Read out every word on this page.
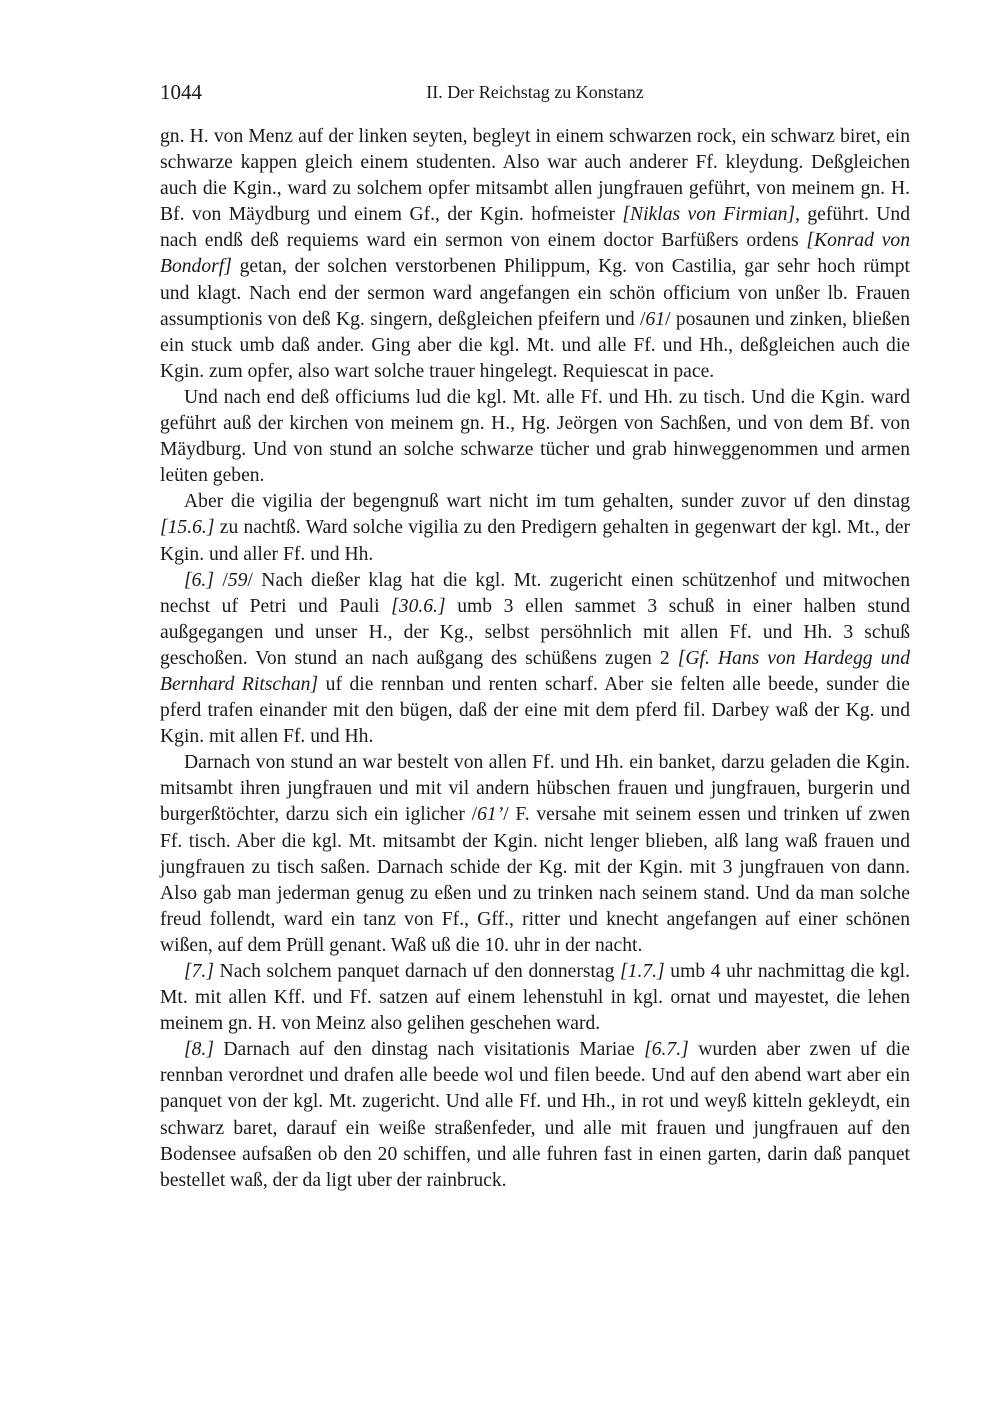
1044	II. Der Reichstag zu Konstanz

gn. H. von Menz auf der linken seyten, begleyt in einem schwarzen rock, ein schwarz biret, ein schwarze kappen gleich einem studenten. Also war auch anderer Ff. kleydung. Deßgleichen auch die Kgin., ward zu solchem opfer mitsambt allen jungfrauen geführt, von meinem gn. H. Bf. von Mäydburg und einem Gf., der Kgin. hofmeister [Niklas von Firmian], geführt. Und nach endß deß requiems ward ein sermon von einem doctor Barfüßers ordens [Konrad von Bondorf] getan, der solchen verstorbenen Philippum, Kg. von Castilia, gar sehr hoch rümpt und klagt. Nach end der sermon ward angefangen ein schön officium von unßer lb. Frauen assumptionis von deß Kg. singern, deßgleichen pfeifern und /61/ posaunen und zinken, bließen ein stuck umb daß ander. Ging aber die kgl. Mt. und alle Ff. und Hh., deßgleichen auch die Kgin. zum opfer, also wart solche trauer hingelegt. Requiescat in pace.

Und nach end deß officiums lud die kgl. Mt. alle Ff. und Hh. zu tisch. Und die Kgin. ward geführt auß der kirchen von meinem gn. H., Hg. Jeörgen von Sachßen, und von dem Bf. von Mäydburg. Und von stund an solche schwarze tücher und grab hinweggenommen und armen leüten geben.

Aber die vigilia der begengnuß wart nicht im tum gehalten, sunder zuvor uf den dinstag [15.6.] zu nachtß. Ward solche vigilia zu den Predigern gehalten in gegenwart der kgl. Mt., der Kgin. und aller Ff. und Hh.

[6.] /59/ Nach dießer klag hat die kgl. Mt. zugericht einen schützenhof und mitwochen nechst uf Petri und Pauli [30.6.] umb 3 ellen sammet 3 schuß in einer halben stund außgegangen und unser H., der Kg., selbst persöhnlich mit allen Ff. und Hh. 3 schuß geschoßen. Von stund an nach außgang des schüßens zugen 2 [Gf. Hans von Hardegg und Bernhard Ritschan] uf die rennban und renten scharf. Aber sie felten alle beede, sunder die pferd trafen einander mit den bügen, daß der eine mit dem pferd fil. Darbey waß der Kg. und Kgin. mit allen Ff. und Hh.

Darnach von stund an war bestelt von allen Ff. und Hh. ein banket, darzu geladen die Kgin. mitsambt ihren jungfrauen und mit vil andern hübschen frauen und jungfrauen, burgerin und burgerßtöchter, darzu sich ein iglicher /61’/ F. versahe mit seinem essen und trinken uf zwen Ff. tisch. Aber die kgl. Mt. mitsambt der Kgin. nicht lenger blieben, alß lang waß frauen und jungfrauen zu tisch saßen. Darnach schide der Kg. mit der Kgin. mit 3 jungfrauen von dann. Also gab man jederman genug zu eßen und zu trinken nach seinem stand. Und da man solche freud follendt, ward ein tanz von Ff., Gff., ritter und knecht angefangen auf einer schönen wißen, auf dem Prüll genant. Waß uß die 10. uhr in der nacht.

[7.] Nach solchem panquet darnach uf den donnerstag [1.7.] umb 4 uhr nachmittag die kgl. Mt. mit allen Kff. und Ff. satzen auf einem lehenstuhl in kgl. ornat und mayestet, die lehen meinem gn. H. von Meinz also gelihen geschehen ward.

[8.] Darnach auf den dinstag nach visitationis Mariae [6.7.] wurden aber zwen uf die rennban verordnet und drafen alle beede wol und filen beede. Und auf den abend wart aber ein panquet von der kgl. Mt. zugericht. Und alle Ff. und Hh., in rot und weyß kitteln gekleydt, ein schwarz baret, darauf ein weiße straßenfeder, und alle mit frauen und jungfrauen auf den Bodensee aufsaßen ob den 20 schiffen, und alle fuhren fast in einen garten, darin daß panquet bestellet waß, der da ligt uber der rainbruck.
